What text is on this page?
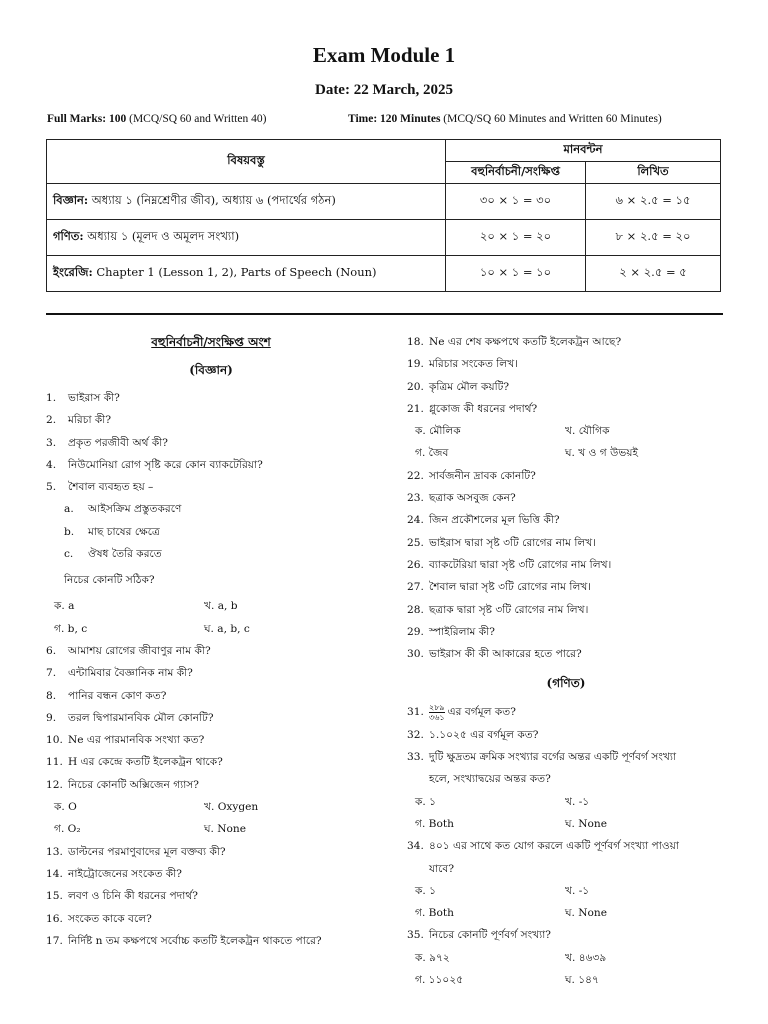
Exam Module 1
Date: 22 March, 2025
Full Marks: 100 (MCQ/SQ 60 and Written 40)	Time: 120 Minutes (MCQ/SQ 60 Minutes and Written 60 Minutes)
বিষয়বস্তু	মানবন্টন	
	বহুনির্বাচনী/সংক্ষিপ্ত	লিখিত
বিজ্ঞান: অধ্যায় ১ (নিম্নশ্রেণীর জীব), অধ্যায় ৬ (পদার্থের গঠন)	৩০ × ১ = ৩০	৬ × ২.৫ = ১৫
গণিত: অধ্যায় ১ (মূলদ ও অমূলদ সংখ্যা)	২০ × ১ = ২০	৮ × ২.৫ = ২০
ইংরেজি: Chapter 1 (Lesson 1, 2), Parts of Speech (Noun)	১০ × ১ = ১০	২ × ২.৫ = ৫
বহুনির্বাচনী/সংক্ষিপ্ত অংশ
(বিজ্ঞান)
1.	ভাইরাস কী?
2.	মরিচা কী?
3.	প্রকৃত পরজীবী অর্থ কী?
4.	নিউমোনিয়া রোগ সৃষ্টি করে কোন ব্যাকটেরিয়া?
5.	শৈবাল ব্যবহৃত হয় –
a.	আইসক্রিম প্রস্তুতকরণে
b.	মাছ চাষের ক্ষেত্রে
c.	ঔষধ তৈরি করতে
নিচের কোনটি সঠিক?
ক. a	খ. a, b
গ. b, c	ঘ. a, b, c
6.	আমাশয় রোগের জীবাণুর নাম কী?
7.	এন্টামিবার বৈজ্ঞানিক নাম কী?
8.	পানির বন্ধন কোণ কত?
9.	তরল দ্বিপারমানবিক মৌল কোনটি?
10. Ne এর পারমানবিক সংখ্যা কত?
11. H এর কেন্দ্রে কতটি ইলেকট্রন থাকে?
12. নিচের কোনটি অক্সিজেন গ্যাস?
ক. O	খ. Oxygen
গ. O₂	ঘ. None
13. ডাল্টনের পরমাণুবাদের মূল বক্তব্য কী?
14. নাইট্রোজেনের সংকেত কী?
15. লবণ ও চিনি কী ধরনের পদার্থ?
16. সংকেত কাকে বলে?
17. নির্দিষ্ট n তম কক্ষপথে সর্বোচ্চ কতটি ইলেকট্রন থাকতে পারে?
18. Ne এর শেষ কক্ষপথে কতটি ইলেকট্রন আছে?
19. মরিচার সংকেত লিখ।
20. কৃত্রিম মৌল কয়টি?
21. গ্লুকোজ কী ধরনের পদার্থ?
ক. মৌলিক	খ. যৌগিক
গ. জৈব	ঘ. খ ও গ উভয়ই
22. সার্বজনীন দ্রাবক কোনটি?
23. ছত্রাক অসবুজ কেন?
24. জিন প্রকৌশলের মূল ভিত্তি কী?
25. ভাইরাস দ্বারা সৃষ্ট ৩টি রোগের নাম লিখ।
26. ব্যাকটেরিয়া দ্বারা সৃষ্ট ৩টি রোগের নাম লিখ।
27. শৈবাল দ্বারা সৃষ্ট ৩টি রোগের নাম লিখ।
28. ছত্রাক দ্বারা সৃষ্ট ৩টি রোগের নাম লিখ।
29. স্পাইরিলাম কী?
30. ভাইরাস কী কী আকারের হতে পারে?
(গণিত)
31. $\frac{২৮৯}{৩৬১}$ এর বর্গমূল কত?
32. ১.১০২৫ এর বর্গমূল কত?
33. দুটি ক্ষুদ্রতম ক্রমিক সংখ্যার বর্গের অন্তর একটি পূর্ণবর্গ সংখ্যা
হলে, সংখ্যাদ্বয়ের অন্তর কত?
ক. ১	খ. -১
গ. Both	ঘ. None
34. ৪০১ এর সাথে কত যোগ করলে একটি পূর্ণবর্গ সংখ্যা পাওয়া
যাবে?
ক. ১	খ. -১
গ. Both	ঘ. None
35. নিচের কোনটি পূর্ণবর্গ সংখ্যা?
ক. ৯৭২	খ. ৪৬৩৯
গ. ১১০২৫	ঘ. ১৪৭
